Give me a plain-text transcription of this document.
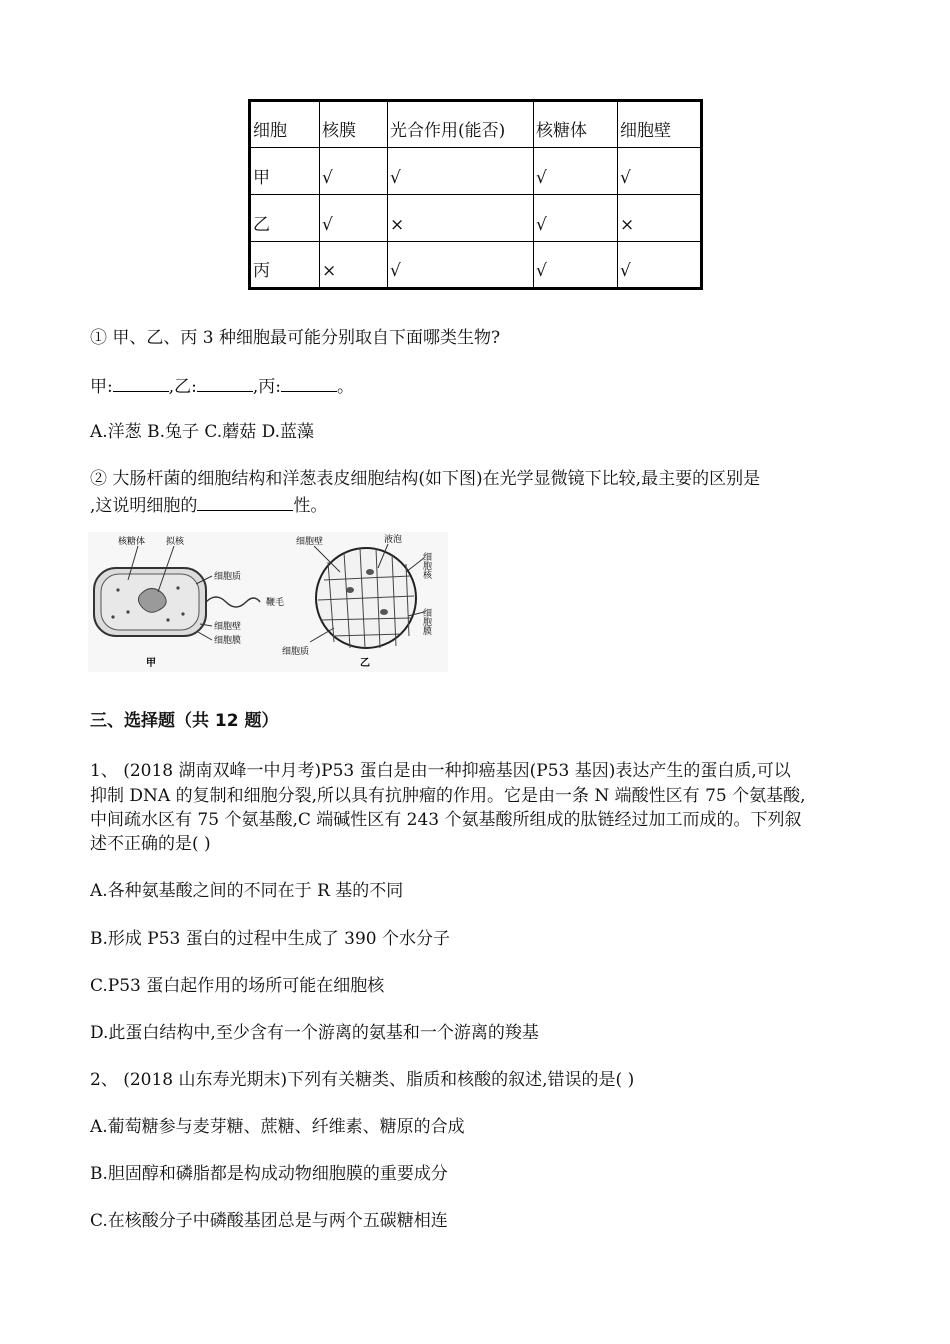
细胞	核膜	光合作用(能否)	核糖体	细胞壁
甲	√	√	√	√
乙	√	×	√	×
丙	×	√	√	√
① 甲、乙、丙 3 种细胞最可能分别取自下面哪类生物?
甲:	,乙:	,丙:	。
A.洋葱 B.兔子 C.蘑菇 D.蓝藻
② 大肠杆菌的细胞结构和洋葱表皮细胞结构(如下图)在光学显微镜下比较,最主要的区别是
,这说明细胞的	性。
核糖体 拟核
细胞质
鞭毛
细胞壁
细胞膜
甲
细胞壁	液泡
细胞核
细胞膜
细胞质
乙
三、选择题（共 12 题）
1、 (2018 湖南双峰一中月考)P53 蛋白是由一种抑癌基因(P53 基因)表达产生的蛋白质,可以
抑制 DNA 的复制和细胞分裂,所以具有抗肿瘤的作用。它是由一条 N 端酸性区有 75 个氨基酸,
中间疏水区有 75 个氨基酸,C 端碱性区有 243 个氨基酸所组成的肽链经过加工而成的。下列叙
述不正确的是( )
A.各种氨基酸之间的不同在于 R 基的不同
B.形成 P53 蛋白的过程中生成了 390 个水分子
C.P53 蛋白起作用的场所可能在细胞核
D.此蛋白结构中,至少含有一个游离的氨基和一个游离的羧基
2、 (2018 山东寿光期末)下列有关糖类、脂质和核酸的叙述,错误的是( )
A.葡萄糖参与麦芽糖、蔗糖、纤维素、糖原的合成
B.胆固醇和磷脂都是构成动物细胞膜的重要成分
C.在核酸分子中磷酸基团总是与两个五碳糖相连
